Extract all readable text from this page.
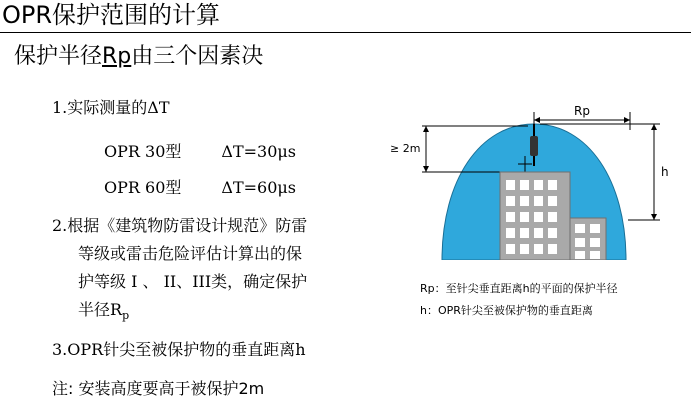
OPR保护范围的计算
保护半径Rp由三个因素决
1.实际测量的ΔT
OPR 30型	ΔT=30μs
OPR 60型	ΔT=60μs
2.根据《建筑物防雷设计规范》防雷
等级或雷击危险评估计算出的保
护等级 I 、 II、III类，确定保护
半径$R_p$
3.OPR针尖至被保护物的垂直距离h
注: 安装高度要高于被保护2m
Rp
h
≥ 2m
Rp：至针尖垂直距离h的平面的保护半径
h：OPR针尖至被保护物的垂直距离
